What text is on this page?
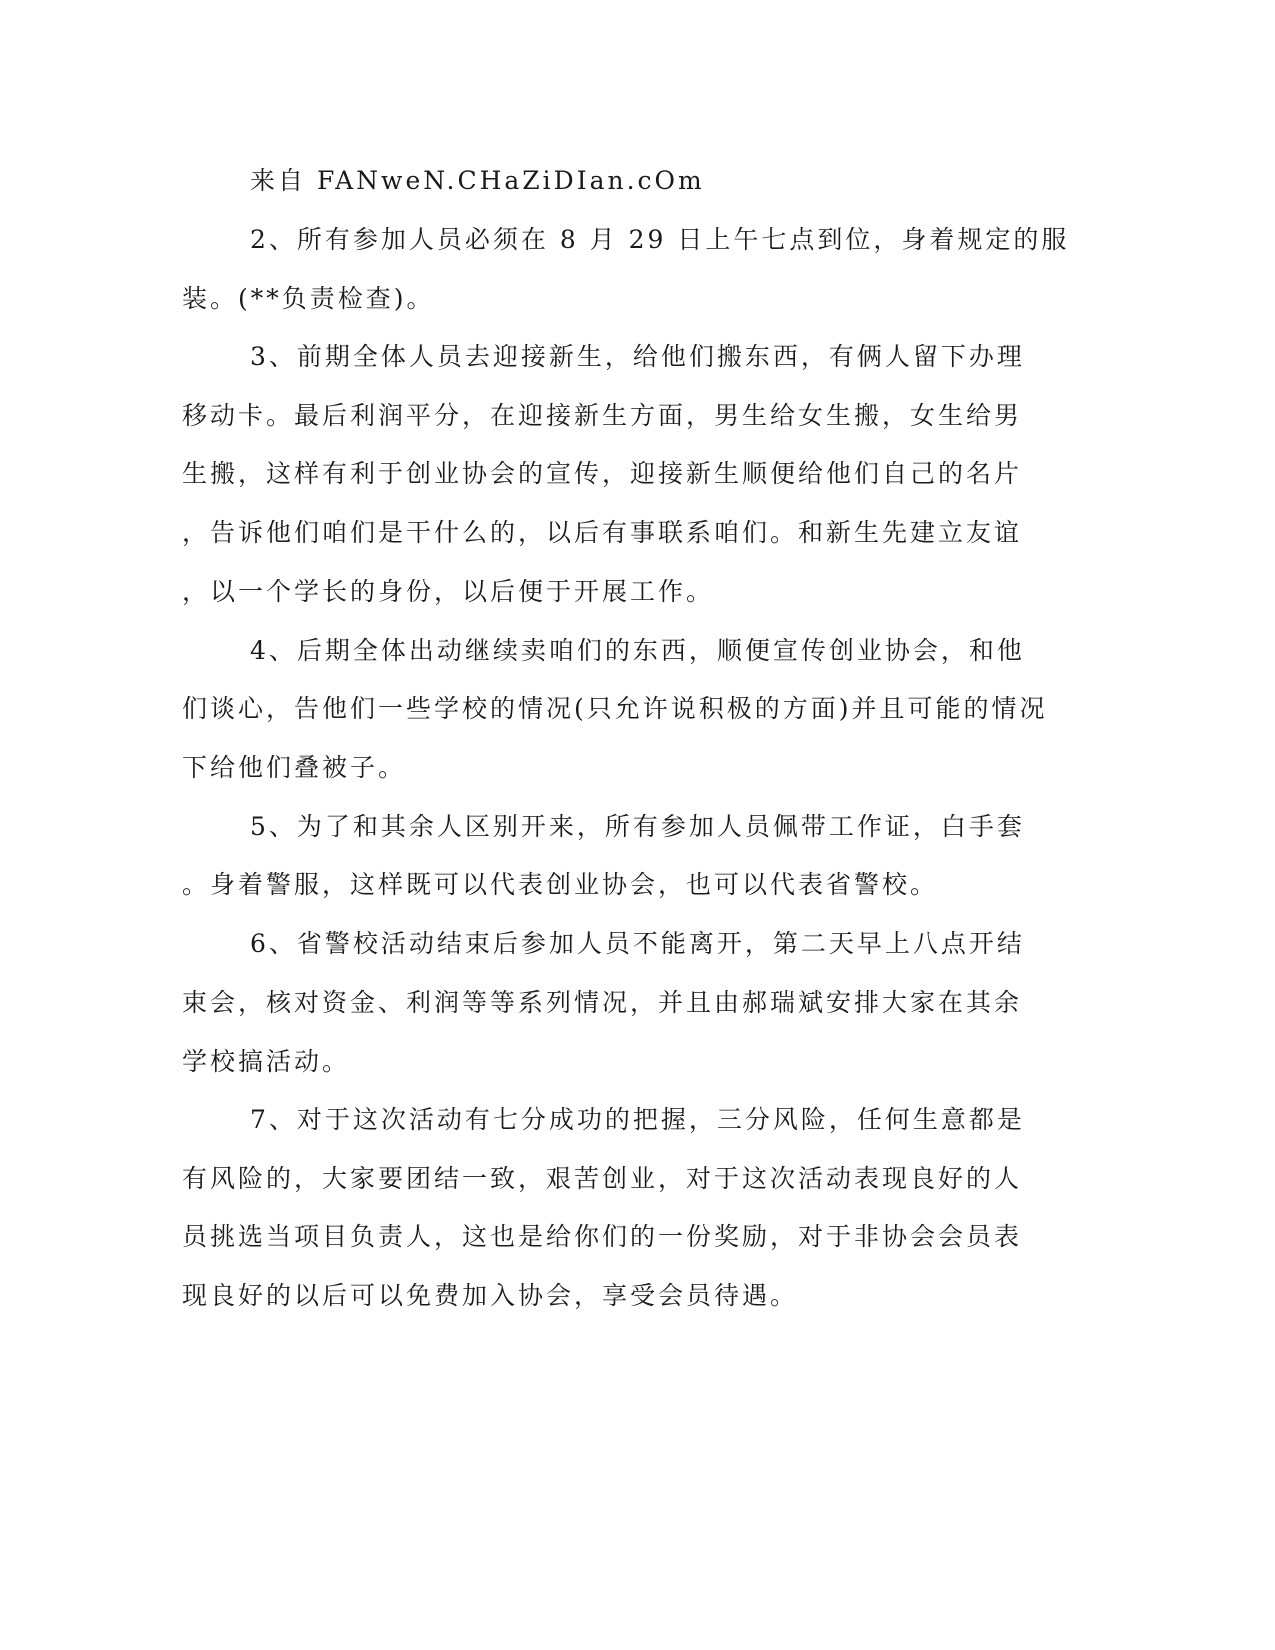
来自 FANweN.CHaZiDIan.cOm
2、所有参加人员必须在 8 月 29 日上午七点到位，身着规定的服
装。(**负责检查)。
3、前期全体人员去迎接新生，给他们搬东西，有俩人留下办理
移动卡。最后利润平分，在迎接新生方面，男生给女生搬，女生给男
生搬，这样有利于创业协会的宣传，迎接新生顺便给他们自己的名片
，告诉他们咱们是干什么的，以后有事联系咱们。和新生先建立友谊
，以一个学长的身份，以后便于开展工作。
4、后期全体出动继续卖咱们的东西，顺便宣传创业协会，和他
们谈心，告他们一些学校的情况(只允许说积极的方面)并且可能的情况
下给他们叠被子。
5、为了和其余人区别开来，所有参加人员佩带工作证，白手套
。身着警服，这样既可以代表创业协会，也可以代表省警校。
6、省警校活动结束后参加人员不能离开，第二天早上八点开结
束会，核对资金、利润等等系列情况，并且由郝瑞斌安排大家在其余
学校搞活动。
7、对于这次活动有七分成功的把握，三分风险，任何生意都是
有风险的，大家要团结一致，艰苦创业，对于这次活动表现良好的人
员挑选当项目负责人，这也是给你们的一份奖励，对于非协会会员表
现良好的以后可以免费加入协会，享受会员待遇。
